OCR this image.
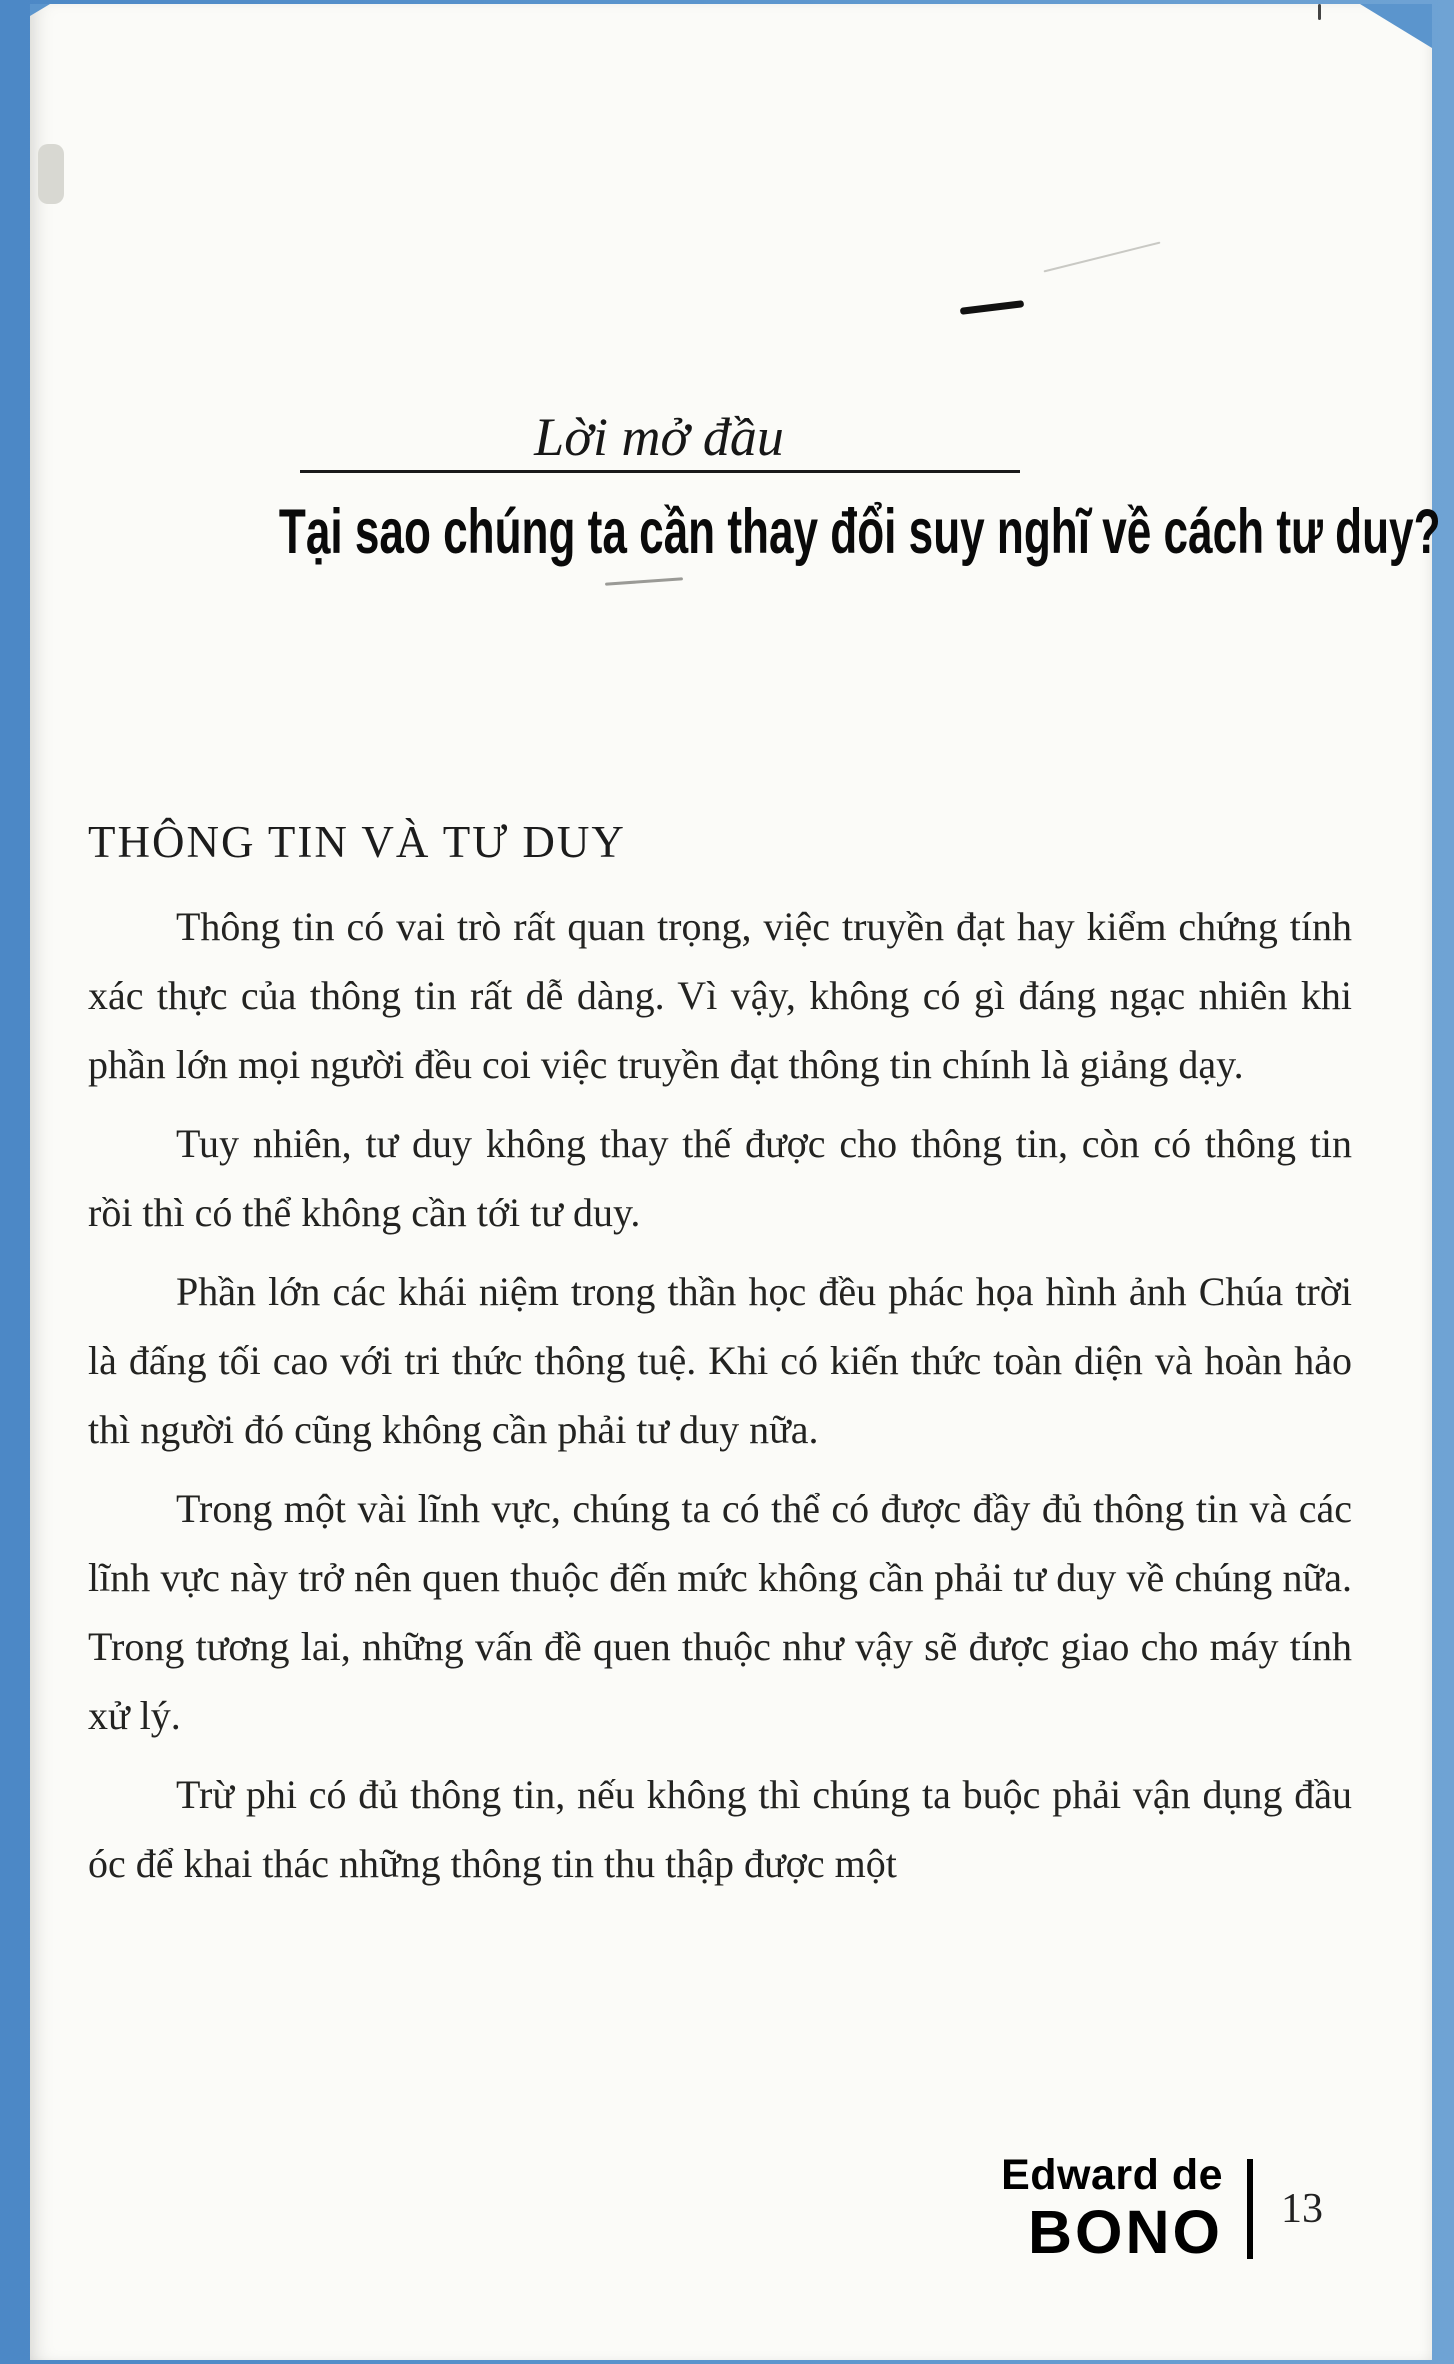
Lời mở đầu
Tại sao chúng ta cần thay đổi suy nghĩ về cách tư duy?
THÔNG TIN VÀ TƯ DUY

Thông tin có vai trò rất quan trọng, việc truyền đạt hay kiểm chứng tính xác thực của thông tin rất dễ dàng. Vì vậy, không có gì đáng ngạc nhiên khi phần lớn mọi người đều coi việc truyền đạt thông tin chính là giảng dạy.

Tuy nhiên, tư duy không thay thế được cho thông tin, còn có thông tin rồi thì có thể không cần tới tư duy.

Phần lớn các khái niệm trong thần học đều phác họa hình ảnh Chúa trời là đấng tối cao với tri thức thông tuệ. Khi có kiến thức toàn diện và hoàn hảo thì người đó cũng không cần phải tư duy nữa.

Trong một vài lĩnh vực, chúng ta có thể có được đầy đủ thông tin và các lĩnh vực này trở nên quen thuộc đến mức không cần phải tư duy về chúng nữa. Trong tương lai, những vấn đề quen thuộc như vậy sẽ được giao cho máy tính xử lý.

Trừ phi có đủ thông tin, nếu không thì chúng ta buộc phải vận dụng đầu óc để khai thác những thông tin thu thập được một

Edward de
BONO 13
